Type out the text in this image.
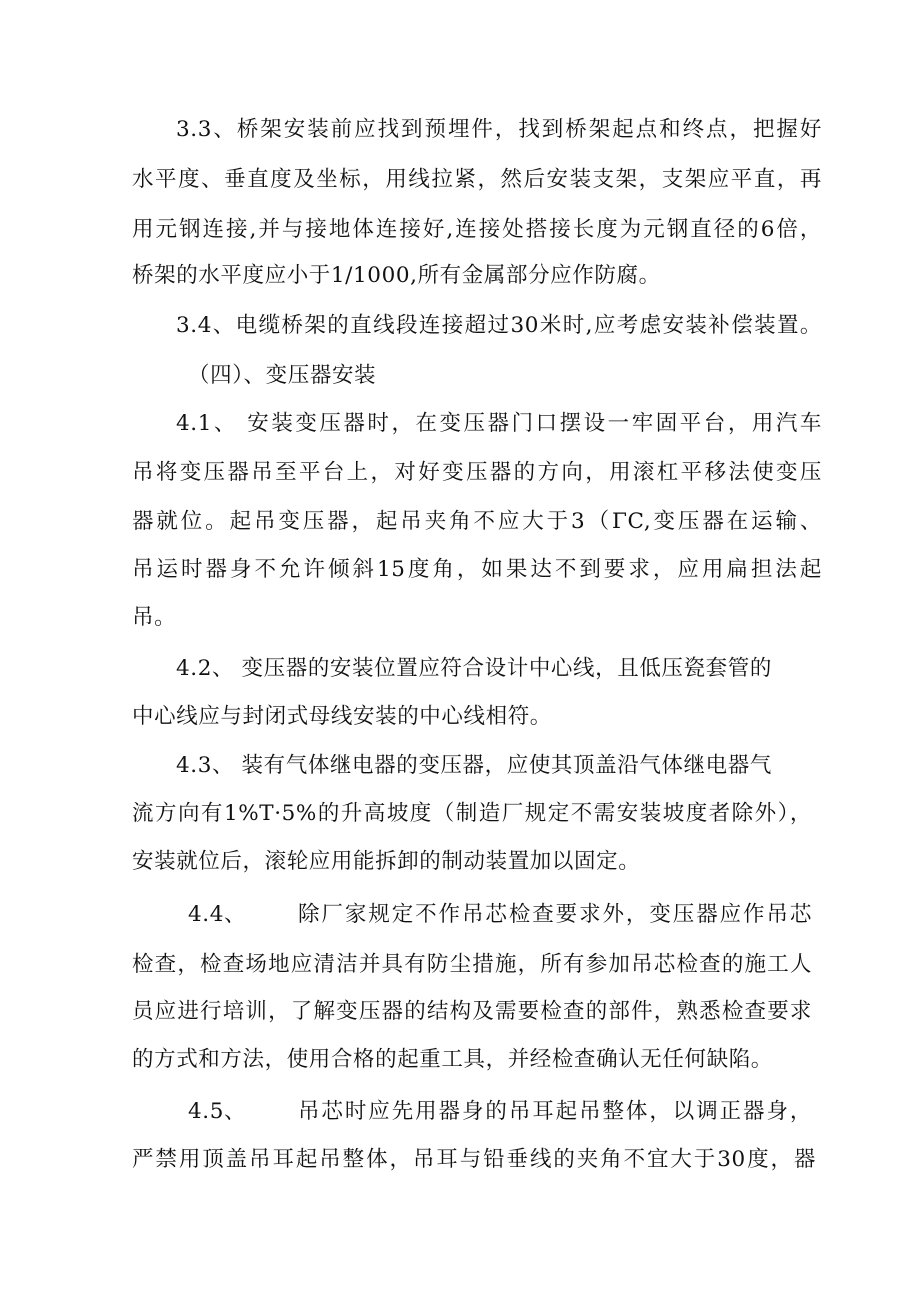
3.3、桥架安装前应找到预埋件，找到桥架起点和终点，把握好
水平度、垂直度及坐标，用线拉紧，然后安装支架，支架应平直，再
用元钢连接,并与接地体连接好,连接处搭接长度为元钢直径的6倍，
桥架的水平度应小于1/1000,所有金属部分应作防腐。
3.4、电缆桥架的直线段连接超过30米时,应考虑安装补偿装置。
（四）、变压器安装
4.1、 安装变压器时，在变压器门口摆设一牢固平台，用汽车
吊将变压器吊至平台上，对好变压器的方向，用滚杠平移法使变压
器就位。起吊变压器，起吊夹角不应大于3（ΓC,变压器在运输、
吊运时器身不允许倾斜15度角，如果达不到要求，应用扁担法起
吊。
4.2、 变压器的安装位置应符合设计中心线，且低压瓷套管的
中心线应与封闭式母线安装的中心线相符。
4.3、 装有气体继电器的变压器，应使其顶盖沿气体继电器气
流方向有1%T·5%的升高坡度（制造厂规定不需安装坡度者除外），
安装就位后，滚轮应用能拆卸的制动装置加以固定。
4.4、 除厂家规定不作吊芯检查要求外，变压器应作吊芯
检查，检查场地应清洁并具有防尘措施，所有参加吊芯检查的施工人
员应进行培训，了解变压器的结构及需要检查的部件，熟悉检查要求
的方式和方法，使用合格的起重工具，并经检查确认无任何缺陷。
4.5、 吊芯时应先用器身的吊耳起吊整体，以调正器身，
严禁用顶盖吊耳起吊整体，吊耳与铅垂线的夹角不宜大于30度，器
